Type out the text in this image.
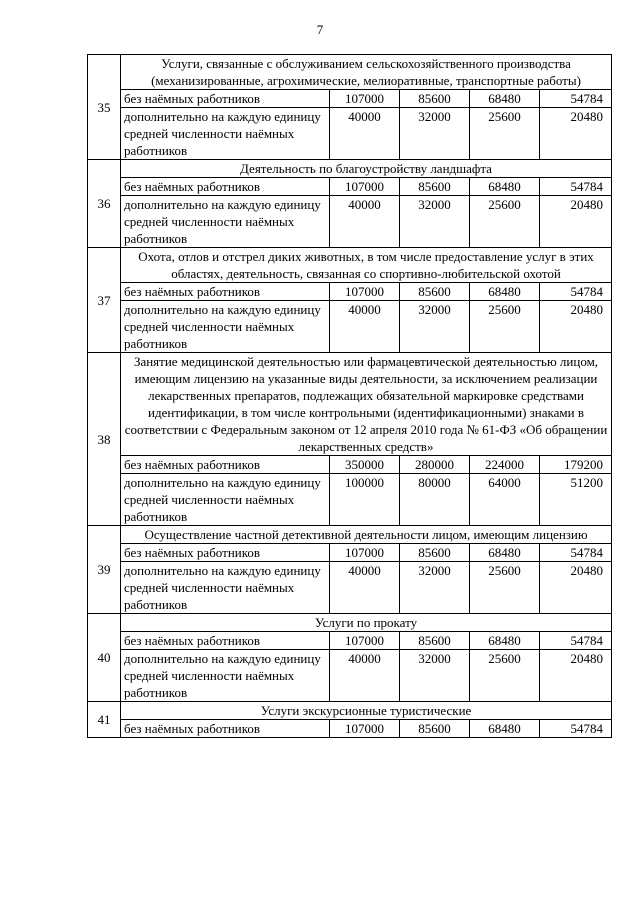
7
35	Услуги, связанные с обслуживанием сельскохозяйственного производства (механизированные, агрохимические, мелиоративные, транспортные работы)				
	без наёмных работников	107000	85600	68480	54784
	дополнительно на каждую единицу средней численности наёмных работников	40000	32000	25600	20480
36	Деятельность по благоустройству ландшафта				
	без наёмных работников	107000	85600	68480	54784
	дополнительно на каждую единицу средней численности наёмных работников	40000	32000	25600	20480
37	Охота, отлов и отстрел диких животных, в том числе предоставление услуг в этих областях, деятельность, связанная со спортивно-любительской охотой				
	без наёмных работников	107000	85600	68480	54784
	дополнительно на каждую единицу средней численности наёмных работников	40000	32000	25600	20480
38	Занятие медицинской деятельностью или фармацевтической деятельностью лицом, имеющим лицензию на указанные виды деятельности, за исключением реализации лекарственных препаратов, подлежащих обязательной маркировке средствами идентификации, в том числе контрольными (идентификационными) знаками в соответствии с Федеральным законом от 12 апреля 2010 года № 61-ФЗ «Об обращении лекарственных средств»				
	без наёмных работников	350000	280000	224000	179200
	дополнительно на каждую единицу средней численности наёмных работников	100000	80000	64000	51200
39	Осуществление частной детективной деятельности лицом, имеющим лицензию				
	без наёмных работников	107000	85600	68480	54784
	дополнительно на каждую единицу средней численности наёмных работников	40000	32000	25600	20480
40	Услуги по прокату				
	без наёмных работников	107000	85600	68480	54784
	дополнительно на каждую единицу средней численности наёмных работников	40000	32000	25600	20480
41	Услуги экскурсионные туристические				
	без наёмных работников	107000	85600	68480	54784
